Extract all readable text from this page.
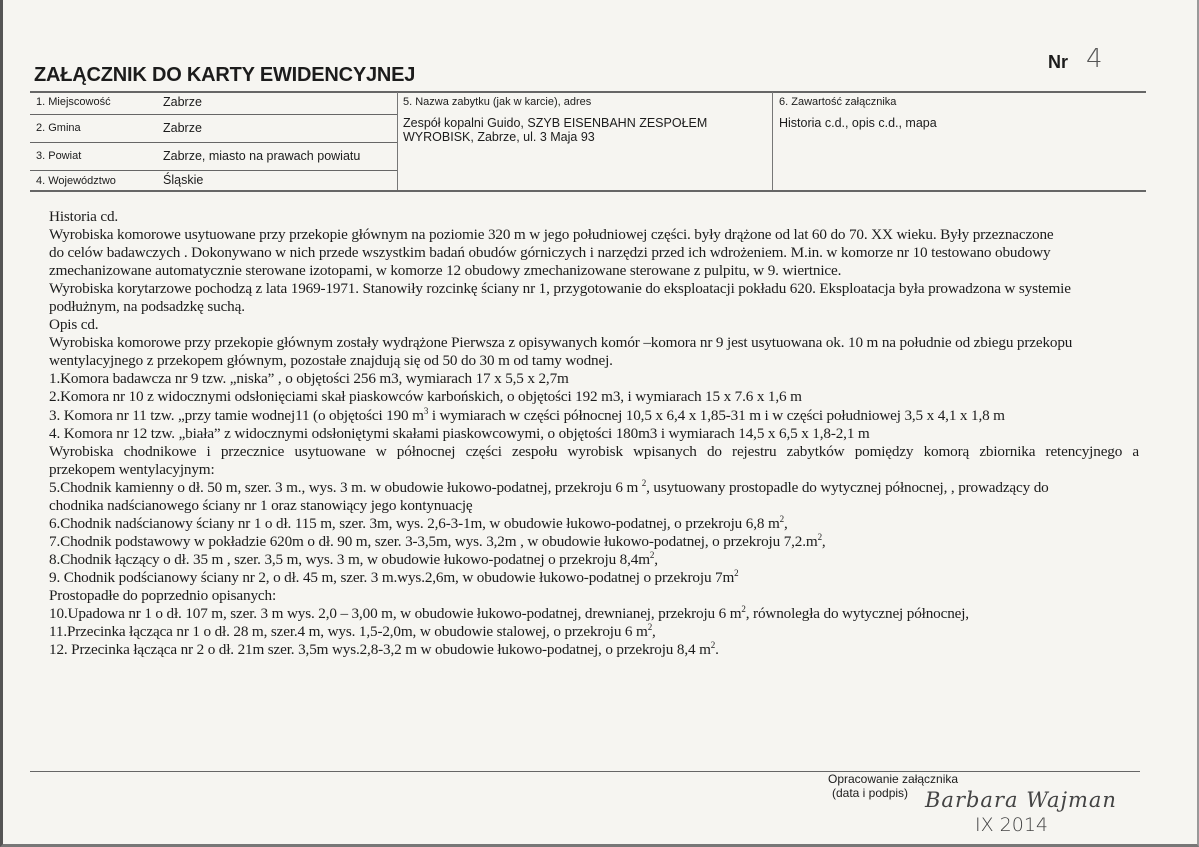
ZAŁĄCZNIK DO KARTY EWIDENCYJNEJ
Nr 4
1. Miejscowość	Zabrze
2. Gmina	Zabrze
3. Powiat	Zabrze, miasto na prawach powiatu
4. Województwo	Śląskie
5. Nazwa zabytku (jak w karcie), adres
Zespół kopalni Guido, SZYB EISENBAHN ZESPOŁEM
WYROBISK, Zabrze, ul. 3 Maja 93
6. Zawartość załącznika
Historia c.d., opis c.d., mapa
Historia cd.
Wyrobiska komorowe usytuowane przy przekopie głównym na poziomie 320 m w jego południowej części. były drążone od lat 60 do 70. XX wieku. Były przeznaczone
do celów badawczych . Dokonywano w nich przede wszystkim badań obudów górniczych i narzędzi przed ich wdrożeniem. M.in. w komorze nr 10 testowano obudowy
zmechanizowane automatycznie sterowane izotopami, w komorze 12 obudowy zmechanizowane sterowane z pulpitu, w 9. wiertnice.
Wyrobiska korytarzowe pochodzą z lata 1969-1971. Stanowiły rozcinkę ściany nr 1, przygotowanie do eksploatacji pokładu 620. Eksploatacja była prowadzona w systemie
podłużnym, na podsadzkę suchą.
Opis cd.
Wyrobiska komorowe przy przekopie głównym zostały wydrążone Pierwsza z opisywanych komór –komora nr 9 jest usytuowana ok. 10 m na południe od zbiegu przekopu
wentylacyjnego z przekopem głównym, pozostałe znajdują się od 50 do 30 m od tamy wodnej.
1.Komora badawcza nr 9 tzw. „niska” , o objętości 256 m3, wymiarach 17 x 5,5 x 2,7m
2.Komora nr 10 z widocznymi odsłonięciami skał piaskowców karbońskich, o objętości 192 m3, i wymiarach 15 x 7.6 x 1,6 m
3. Komora nr 11 tzw. „przy tamie wodnej11 (o objętości 190 $m^3$ i wymiarach w części północnej 10,5 x 6,4 x 1,85-31 m i w części południowej 3,5 x 4,1 x 1,8 m
4. Komora nr 12 tzw. „biała” z widocznymi odsłoniętymi skałami piaskowcowymi, o objętości 180m3 i wymiarach 14,5 x 6,5 x 1,8-2,1 m
Wyrobiska chodnikowe i przecznice usytuowane w północnej części zespołu wyrobisk wpisanych do rejestru zabytków pomiędzy komorą zbiornika retencyjnego a
przekopem wentylacyjnym:
5.Chodnik kamienny o dł. 50 m, szer. 3 m., wys. 3 m. w obudowie łukowo-podatnej, przekroju 6 m $^2$, usytuowany prostopadle do wytycznej północnej, , prowadzący do
chodnika nadścianowego ściany nr 1 oraz stanowiący jego kontynuację
6.Chodnik nadścianowy ściany nr 1 o dł. 115 m, szer. 3m, wys. 2,6-3-1m, w obudowie łukowo-podatnej, o przekroju 6,8 $m^2$,
7.Chodnik podstawowy w pokładzie 620m o dł. 90 m, szer. 3-3,5m, wys. 3,2m , w obudowie łukowo-podatnej, o przekroju $7,2.m^2$,
8.Chodnik łączący o dł. 35 m , szer. 3,5 m, wys. 3 m, w obudowie łukowo-podatnej o przekroju $8,4m^2$,
9. Chodnik podścianowy ściany nr 2, o dł. 45 m, szer. 3 m.wys.2,6m, w obudowie łukowo-podatnej o przekroju $7m^2$
Prostopadłe do poprzednio opisanych:
10.Upadowa nr 1 o dł. 107 m, szer. 3 m wys. 2,0 – 3,00 m, w obudowie łukowo-podatnej, drewnianej, przekroju 6 $m^2$, równoległa do wytycznej północnej,
11.Przecinka łącząca nr 1 o dł. 28 m, szer.4 m, wys. 1,5-2,0m, w obudowie stalowej, o przekroju 6 $m^2$,
12. Przecinka łącząca nr 2 o dł. 21m szer. 3,5m wys.2,8-3,2 m w obudowie łukowo-podatnej, o przekroju 8,4 $m^2$.
Opracowanie załącznika
(data i podpis) Barbara Wajman
IX 2014
